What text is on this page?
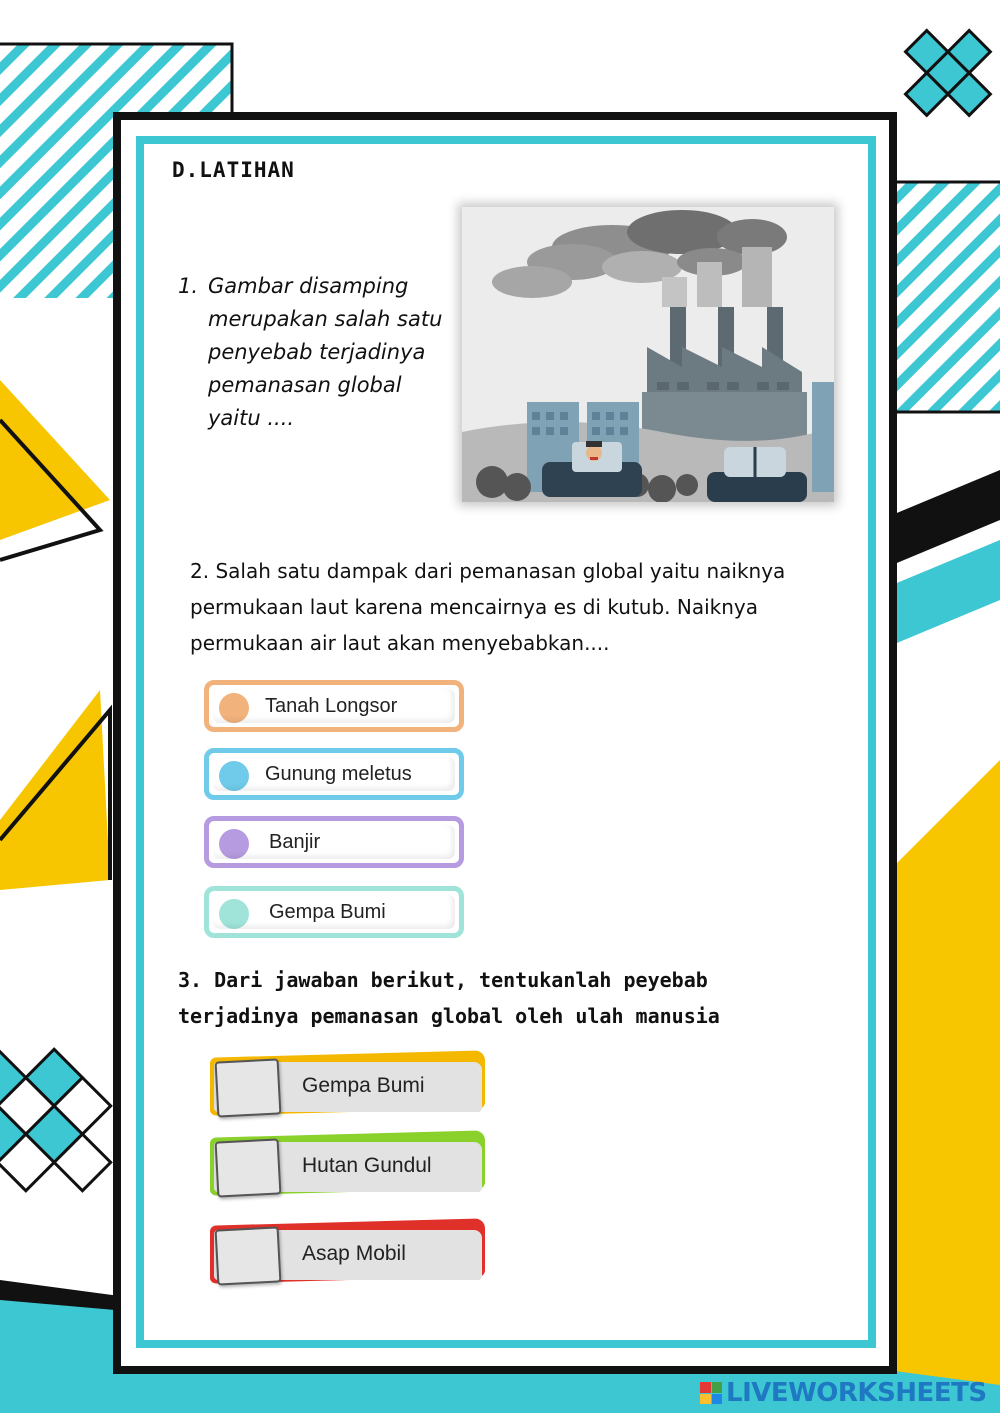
D.LATIHAN
1. Gambar disamping merupakan salah satu penyebab terjadinya pemanasan global yaitu ....
2. Salah satu dampak dari pemanasan global yaitu naiknya permukaan laut karena mencairnya es di kutub. Naiknya permukaan air laut akan menyebabkan....
Tanah Longsor
Gunung meletus
Banjir
Gempa Bumi
3. Dari jawaban berikut, tentukanlah peyebab terjadinya pemanasan global oleh ulah manusia
Gempa Bumi
Hutan Gundul
Asap Mobil
LIVEWORKSHEETS
